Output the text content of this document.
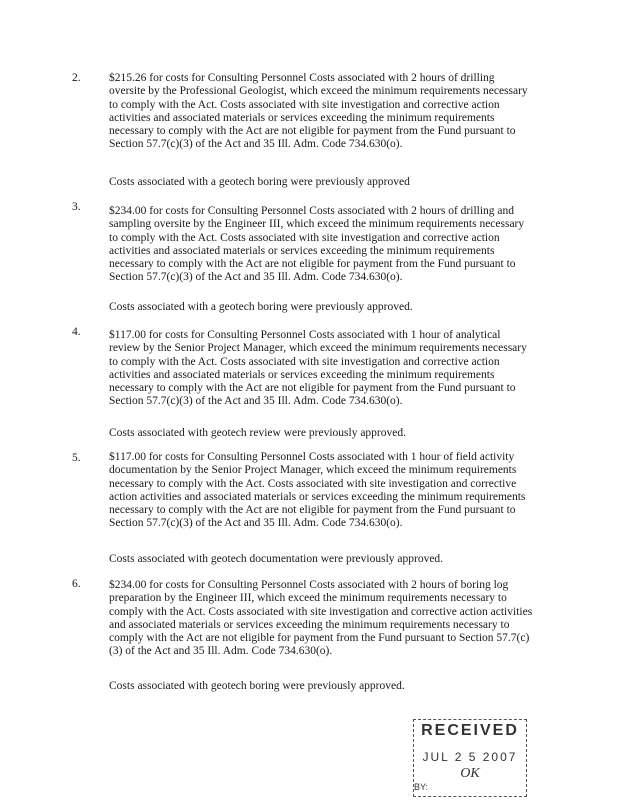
2. $215.26 for costs for Consulting Personnel Costs associated with 2 hours of drilling oversite by the Professional Geologist, which exceed the minimum requirements necessary to comply with the Act. Costs associated with site investigation and corrective action activities and associated materials or services exceeding the minimum requirements necessary to comply with the Act are not eligible for payment from the Fund pursuant to Section 57.7(c)(3) of the Act and 35 Ill. Adm. Code 734.630(o).
Costs associated with a geotech boring were previously approved
3. $234.00 for costs for Consulting Personnel Costs associated with 2 hours of drilling and sampling oversite by the Engineer III, which exceed the minimum requirements necessary to comply with the Act. Costs associated with site investigation and corrective action activities and associated materials or services exceeding the minimum requirements necessary to comply with the Act are not eligible for payment from the Fund pursuant to Section 57.7(c)(3) of the Act and 35 Ill. Adm. Code 734.630(o).
Costs associated with a geotech boring were previously approved.
4. $117.00 for costs for Consulting Personnel Costs associated with 1 hour of analytical review by the Senior Project Manager, which exceed the minimum requirements necessary to comply with the Act. Costs associated with site investigation and corrective action activities and associated materials or services exceeding the minimum requirements necessary to comply with the Act are not eligible for payment from the Fund pursuant to Section 57.7(c)(3) of the Act and 35 Ill. Adm. Code 734.630(o).
Costs associated with geotech review were previously approved.
5. $117.00 for costs for Consulting Personnel Costs associated with 1 hour of field activity documentation by the Senior Project Manager, which exceed the minimum requirements necessary to comply with the Act. Costs associated with site investigation and corrective action activities and associated materials or services exceeding the minimum requirements necessary to comply with the Act are not eligible for payment from the Fund pursuant to Section 57.7(c)(3) of the Act and 35 Ill. Adm. Code 734.630(o).
Costs associated with geotech documentation were previously approved.
6. $234.00 for costs for Consulting Personnel Costs associated with 2 hours of boring log preparation by the Engineer III, which exceed the minimum requirements necessary to comply with the Act. Costs associated with site investigation and corrective action activities and associated materials or services exceeding the minimum requirements necessary to comply with the Act are not eligible for payment from the Fund pursuant to Section 57.7(c)(3) of the Act and 35 Ill. Adm. Code 734.630(o).
Costs associated with geotech boring were previously approved.
RECEIVED
JUL 2 5 2007
OK
BY:
